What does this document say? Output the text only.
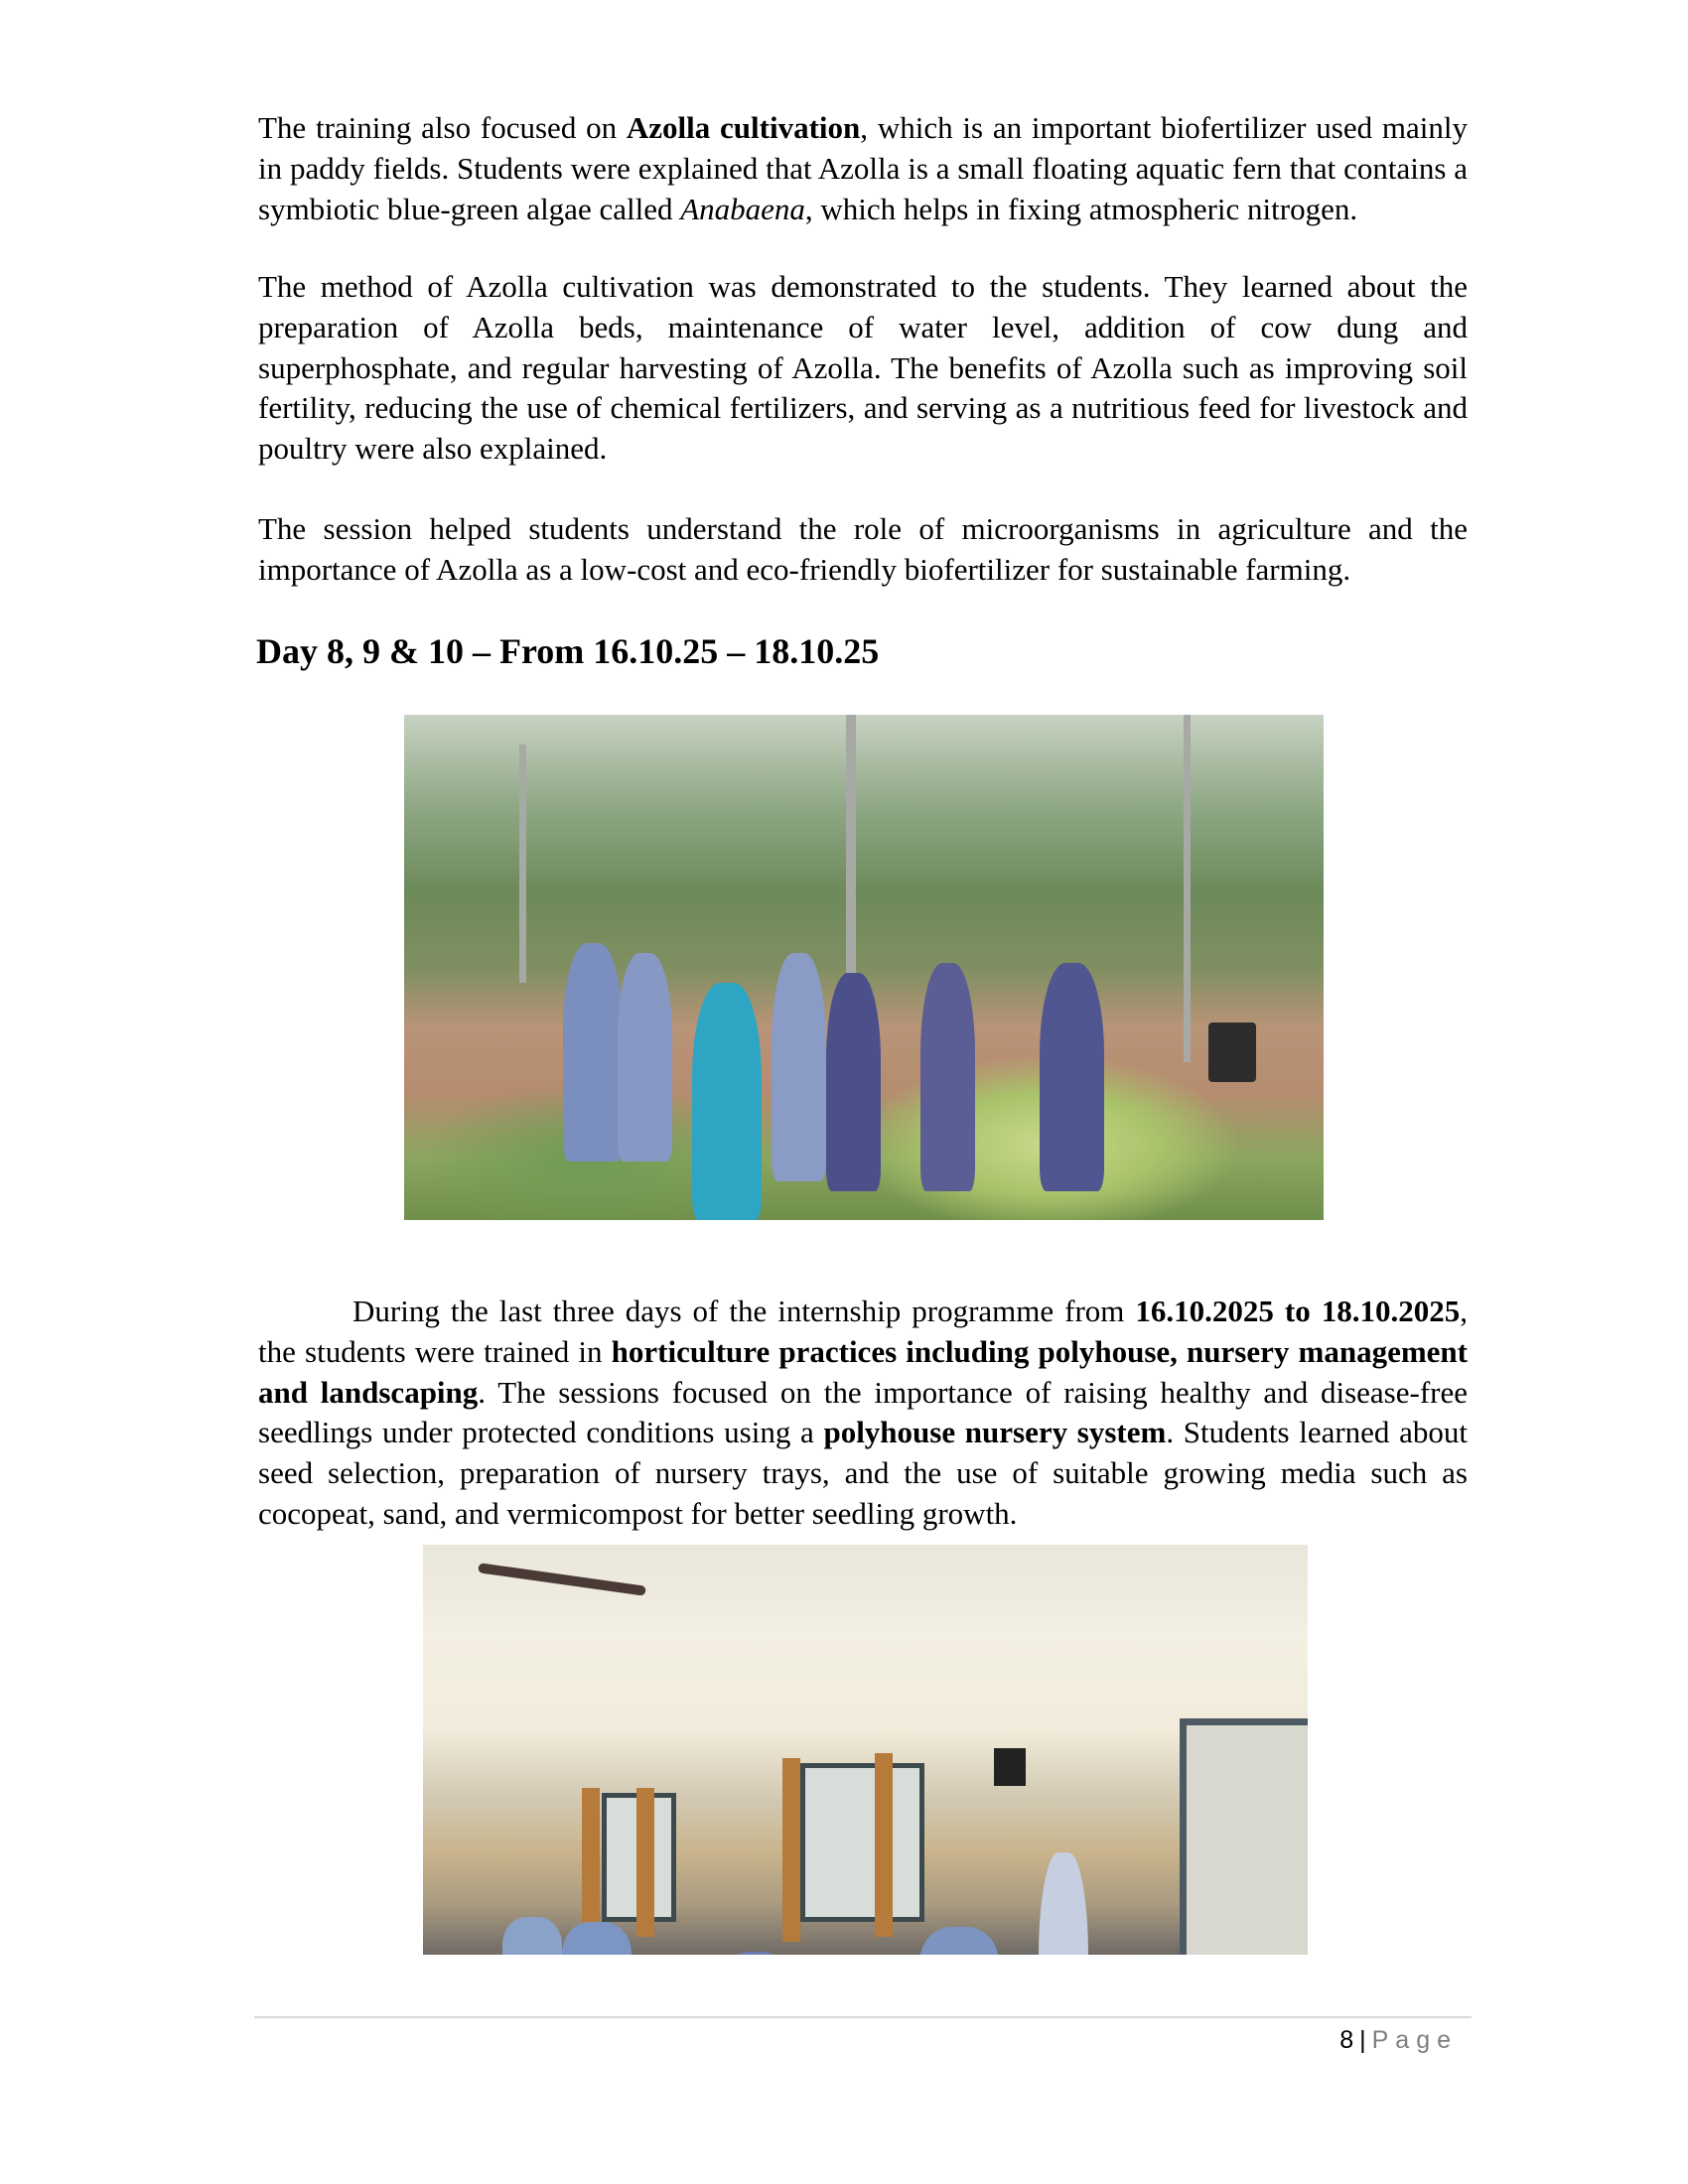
The training also focused on Azolla cultivation, which is an important biofertilizer used mainly in paddy fields. Students were explained that Azolla is a small floating aquatic fern that contains a symbiotic blue-green algae called Anabaena, which helps in fixing atmospheric nitrogen.

The method of Azolla cultivation was demonstrated to the students. They learned about the preparation of Azolla beds, maintenance of water level, addition of cow dung and superphosphate, and regular harvesting of Azolla. The benefits of Azolla such as improving soil fertility, reducing the use of chemical fertilizers, and serving as a nutritious feed for livestock and poultry were also explained.

The session helped students understand the role of microorganisms in agriculture and the importance of Azolla as a low-cost and eco-friendly biofertilizer for sustainable farming.

Day 8, 9 & 10 – From 16.10.25 – 18.10.25

During the last three days of the internship programme from 16.10.2025 to 18.10.2025, the students were trained in horticulture practices including polyhouse, nursery management and landscaping. The sessions focused on the importance of raising healthy and disease-free seedlings under protected conditions using a polyhouse nursery system. Students learned about seed selection, preparation of nursery trays, and the use of suitable growing media such as cocopeat, sand, and vermicompost for better seedling growth.

8 | Page
